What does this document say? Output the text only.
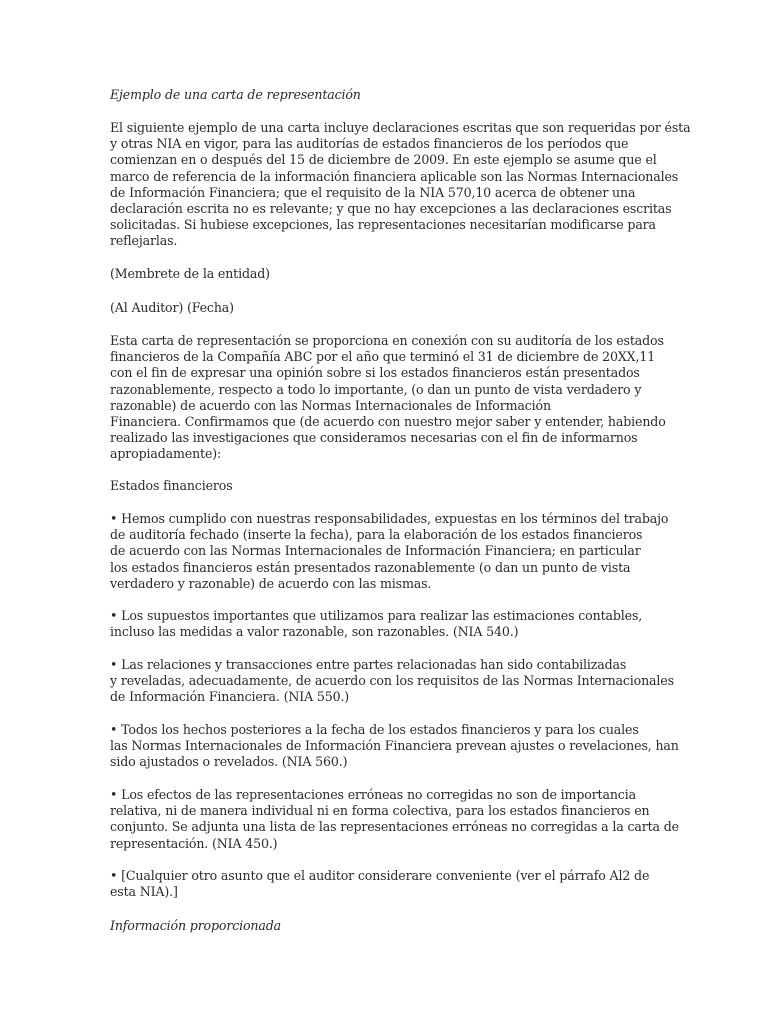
Ejemplo de una carta de representación

El siguiente ejemplo de una carta incluye declaraciones escritas que son requeridas por ésta
y otras NIA en vigor, para las auditorías de estados financieros de los períodos que
comienzan en o después del 15 de diciembre de 2009. En este ejemplo se asume que el
marco de referencia de la información financiera aplicable son las Normas Internacionales
de Información Financiera; que el requisito de la NIA 570,10 acerca de obtener una
declaración escrita no es relevante; y que no hay excepciones a las declaraciones escritas
solicitadas. Si hubiese excepciones, las representaciones necesitarían modificarse para
reflejarlas.

(Membrete de la entidad)

(Al Auditor) (Fecha)

Esta carta de representación se proporciona en conexión con su auditoría de los estados
financieros de la Compañía ABC por el año que terminó el 31 de diciembre de 20XX,11
con el fin de expresar una opinión sobre si los estados financieros están presentados
razonablemente, respecto a todo lo importante, (o dan un punto de vista verdadero y
razonable) de acuerdo con las Normas Internacionales de Información
Financiera. Confirmamos que (de acuerdo con nuestro mejor saber y entender, habiendo
realizado las investigaciones que consideramos necesarias con el fin de informarnos
apropiadamente):

Estados financieros

• Hemos cumplido con nuestras responsabilidades, expuestas en los términos del trabajo
de auditoría fechado (inserte la fecha), para la elaboración de los estados financieros
de acuerdo con las Normas Internacionales de Información Financiera; en particular
los estados financieros están presentados razonablemente (o dan un punto de vista
verdadero y razonable) de acuerdo con las mismas.

• Los supuestos importantes que utilizamos para realizar las estimaciones contables,
incluso las medidas a valor razonable, son razonables. (NIA 540.)

• Las relaciones y transacciones entre partes relacionadas han sido contabilizadas
y reveladas, adecuadamente, de acuerdo con los requisitos de las Normas Internacionales
de Información Financiera. (NIA 550.)

• Todos los hechos posteriores a la fecha de los estados financieros y para los cuales
las Normas Internacionales de Información Financiera prevean ajustes o revelaciones, han
sido ajustados o revelados. (NIA 560.)

• Los efectos de las representaciones erróneas no corregidas no son de importancia
relativa, ni de manera individual ni en forma colectiva, para los estados financieros en
conjunto. Se adjunta una lista de las representaciones erróneas no corregidas a la carta de
representación. (NIA 450.)

• [Cualquier otro asunto que el auditor considerare conveniente (ver el párrafo Al2 de
esta NIA).]

Información proporcionada
